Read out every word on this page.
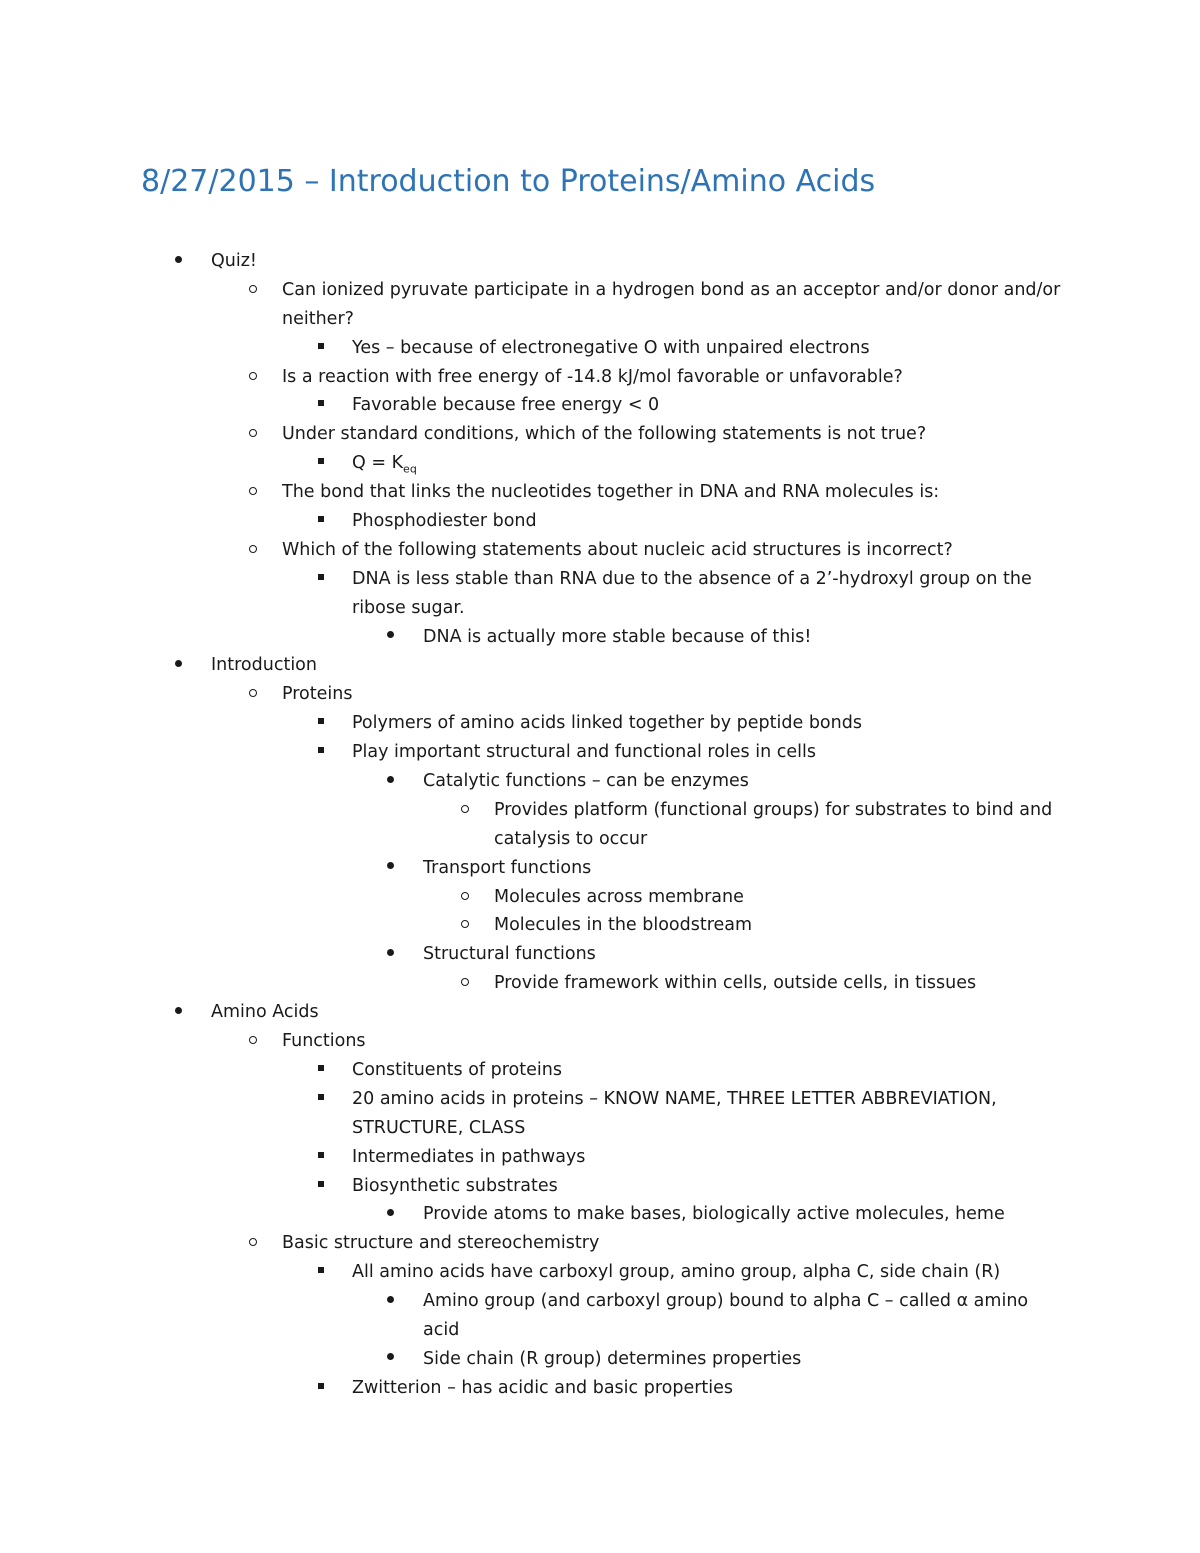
8/27/2015 – Introduction to Proteins/Amino Acids
Quiz!
Can ionized pyruvate participate in a hydrogen bond as an acceptor and/or donor and/or
neither?
Yes – because of electronegative O with unpaired electrons
Is a reaction with free energy of -14.8 kJ/mol favorable or unfavorable?
Favorable because free energy < 0
Under standard conditions, which of the following statements is not true?
$Q = K_{eq}$
The bond that links the nucleotides together in DNA and RNA molecules is:
Phosphodiester bond
Which of the following statements about nucleic acid structures is incorrect?
DNA is less stable than RNA due to the absence of a 2’-hydroxyl group on the
ribose sugar.
DNA is actually more stable because of this!
Introduction
Proteins
Polymers of amino acids linked together by peptide bonds
Play important structural and functional roles in cells
Catalytic functions – can be enzymes
Provides platform (functional groups) for substrates to bind and
catalysis to occur
Transport functions
Molecules across membrane
Molecules in the bloodstream
Structural functions
Provide framework within cells, outside cells, in tissues
Amino Acids
Functions
Constituents of proteins
20 amino acids in proteins – KNOW NAME, THREE LETTER ABBREVIATION,
STRUCTURE, CLASS
Intermediates in pathways
Biosynthetic substrates
Provide atoms to make bases, biologically active molecules, heme
Basic structure and stereochemistry
All amino acids have carboxyl group, amino group, alpha C, side chain (R)
Amino group (and carboxyl group) bound to alpha C – called α amino
acid
Side chain (R group) determines properties
Zwitterion – has acidic and basic properties
